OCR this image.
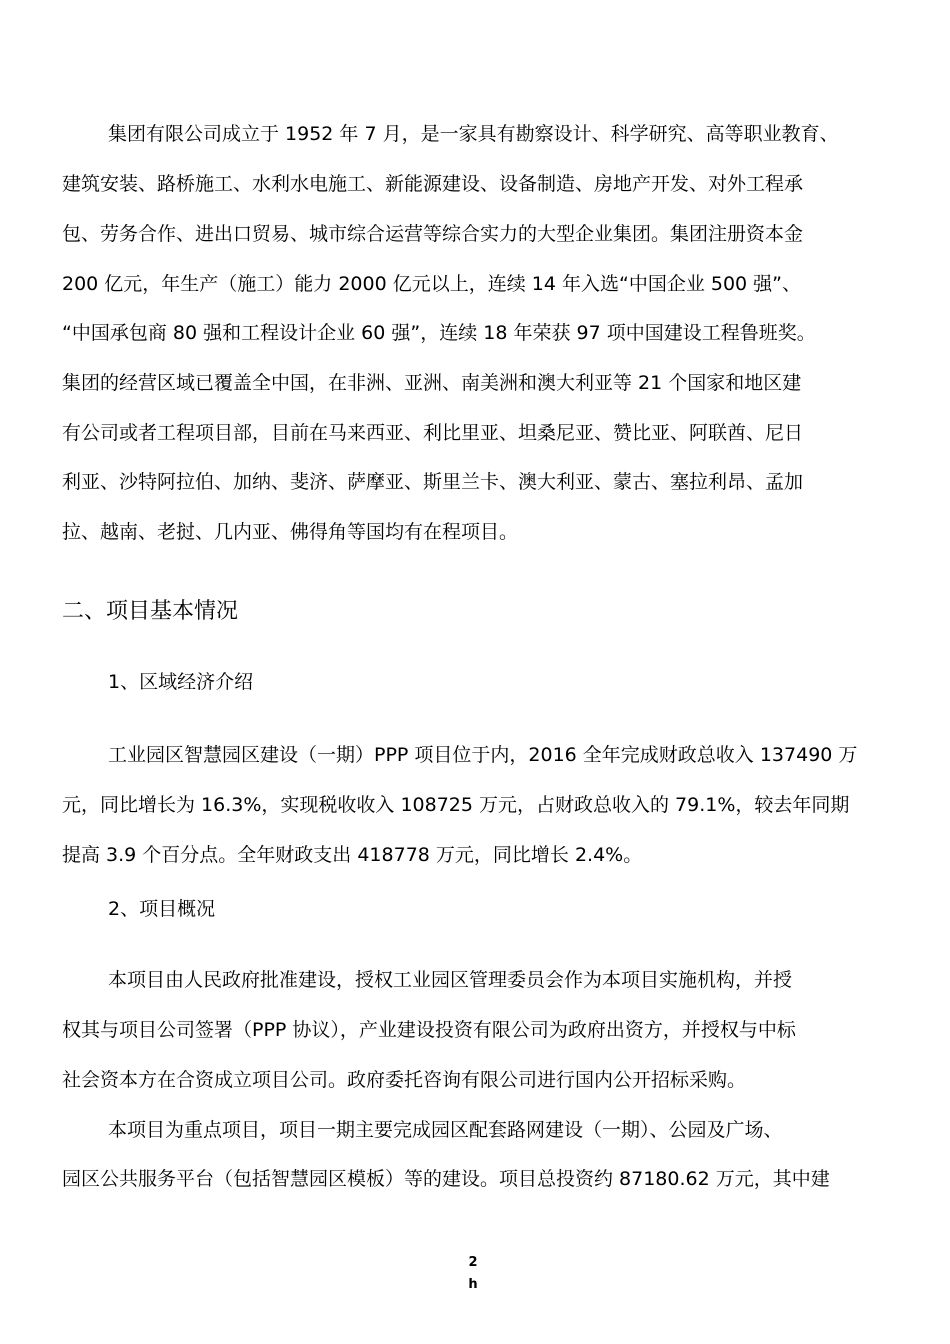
集团有限公司成立于 1952 年 7 月，是一家具有勘察设计、科学研究、高等职业教育、
建筑安装、路桥施工、水利水电施工、新能源建设、设备制造、房地产开发、对外工程承
包、劳务合作、进出口贸易、城市综合运营等综合实力的大型企业集团。集团注册资本金
200 亿元，年生产（施工）能力 2000 亿元以上，连续 14 年入选“中国企业 500 强”、
“中国承包商 80 强和工程设计企业 60 强”，连续 18 年荣获 97 项中国建设工程鲁班奖。
集团的经营区域已覆盖全中国，在非洲、亚洲、南美洲和澳大利亚等 21 个国家和地区建
有公司或者工程项目部，目前在马来西亚、利比里亚、坦桑尼亚、赞比亚、阿联酋、尼日
利亚、沙特阿拉伯、加纳、斐济、萨摩亚、斯里兰卡、澳大利亚、蒙古、塞拉利昂、孟加
拉、越南、老挝、几内亚、佛得角等国均有在程项目。
二、项目基本情况
1、区域经济介绍
工业园区智慧园区建设（一期）PPP 项目位于内，2016 全年完成财政总收入 137490 万
元，同比增长为 16.3%，实现税收收入 108725 万元，占财政总收入的 79.1%，较去年同期
提高 3.9 个百分点。全年财政支出 418778 万元，同比增长 2.4%。
2、项目概况
本项目由人民政府批准建设，授权工业园区管理委员会作为本项目实施机构，并授
权其与项目公司签署（PPP 协议），产业建设投资有限公司为政府出资方，并授权与中标
社会资本方在合资成立项目公司。政府委托咨询有限公司进行国内公开招标采购。
本项目为重点项目，项目一期主要完成园区配套路网建设（一期）、公园及广场、
园区公共服务平台（包括智慧园区模板）等的建设。项目总投资约 87180.62 万元，其中建
2
h
